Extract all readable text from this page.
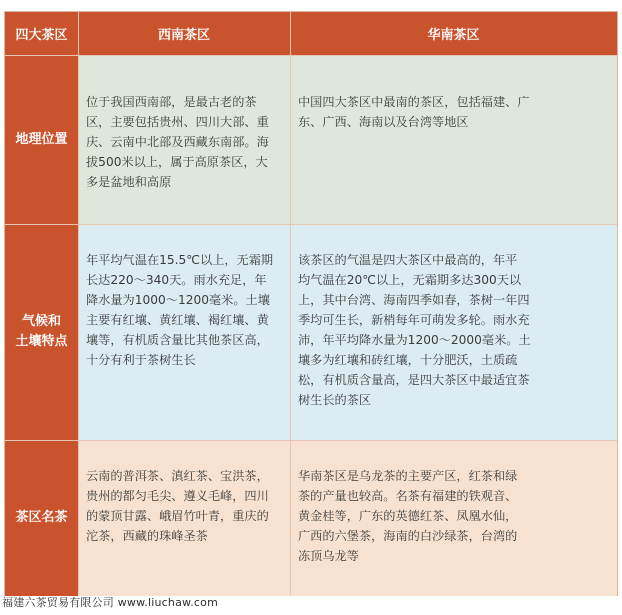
四大茶区	西南茶区	华南茶区
地理位置
位于我国西南部，是最古老的茶
区，主要包括贵州、四川大部、重
庆、云南中北部及西藏东南部。海
拔500米以上，属于高原茶区，大
多是盆地和高原
中国四大茶区中最南的茶区，包括福建、广
东、广西、海南以及台湾等地区
气候和
土壤特点
年平均气温在15.5℃以上，无霜期
长达220～340天。雨水充足，年
降水量为1000～1200毫米。土壤
主要有红壤、黄红壤、褐红壤、黄
壤等，有机质含量比其他茶区高，
十分有利于茶树生长
该茶区的气温是四大茶区中最高的，年平
均气温在20℃以上，无霜期多达300天以
上，其中台湾、海南四季如春，茶树一年四
季均可生长，新梢每年可萌发多轮。雨水充
沛，年平均降水量为1200～2000毫米。土
壤多为红壤和砖红壤，十分肥沃，土质疏
松，有机质含量高，是四大茶区中最适宜茶
树生长的茶区
茶区名茶
云南的普洱茶、滇红茶、宝洪茶，
贵州的都匀毛尖、遵义毛峰，四川
的蒙顶甘露、峨眉竹叶青，重庆的
沱茶，西藏的珠峰圣茶
华南茶区是乌龙茶的主要产区，红茶和绿
茶的产量也较高。名茶有福建的铁观音、
黄金桂等，广东的英德红茶、凤凰水仙，
广西的六堡茶，海南的白沙绿茶，台湾的
冻顶乌龙等
福建六茶贸易有限公司 www.liuchaw.com
